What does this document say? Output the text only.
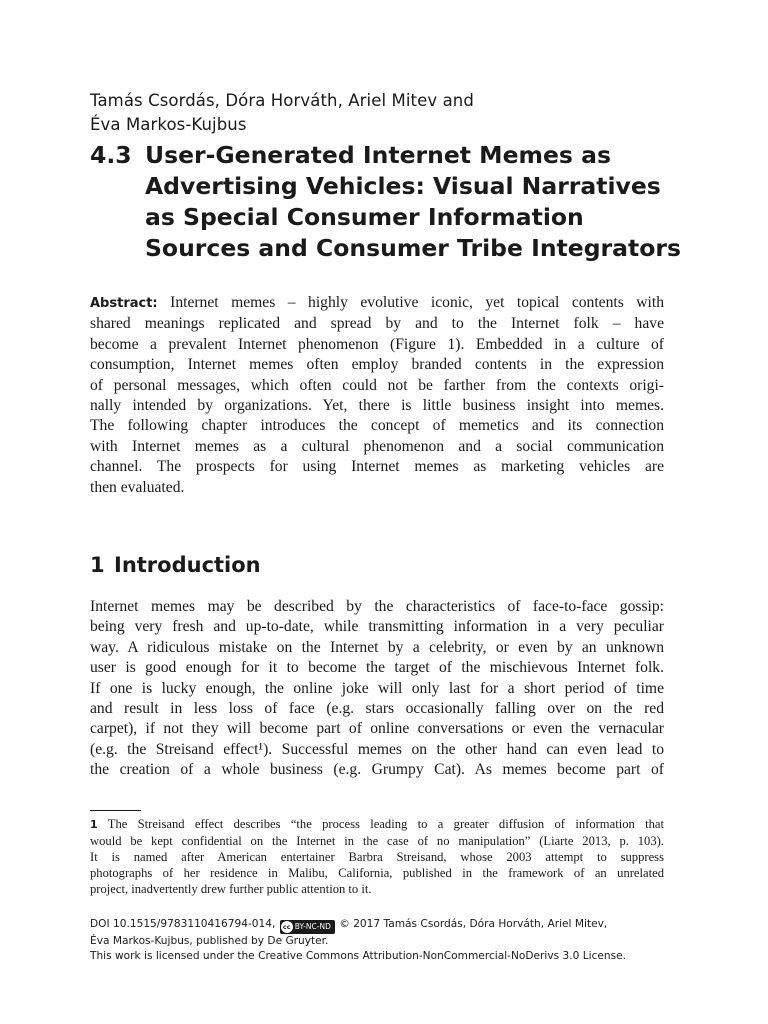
Tamás Csordás, Dóra Horváth, Ariel Mitev and
Éva Markos-Kujbus
4.3 User-Generated Internet Memes as
Advertising Vehicles: Visual Narratives
as Special Consumer Information
Sources and Consumer Tribe Integrators
Abstract: Internet memes – highly evolutive iconic, yet topical contents with
shared meanings replicated and spread by and to the Internet folk – have
become a prevalent Internet phenomenon (Figure 1). Embedded in a culture of
consumption, Internet memes often employ branded contents in the expression
of personal messages, which often could not be farther from the contexts origi-
nally intended by organizations. Yet, there is little business insight into memes.
The following chapter introduces the concept of memetics and its connection
with Internet memes as a cultural phenomenon and a social communication
channel. The prospects for using Internet memes as marketing vehicles are
then evaluated.
1 Introduction
Internet memes may be described by the characteristics of face-to-face gossip:
being very fresh and up-to-date, while transmitting information in a very peculiar
way. A ridiculous mistake on the Internet by a celebrity, or even by an unknown
user is good enough for it to become the target of the mischievous Internet folk.
If one is lucky enough, the online joke will only last for a short period of time
and result in less loss of face (e.g. stars occasionally falling over on the red
carpet), if not they will become part of online conversations or even the vernacular
(e.g. the Streisand effect¹). Successful memes on the other hand can even lead to
the creation of a whole business (e.g. Grumpy Cat). As memes become part of
1 The Streisand effect describes “the process leading to a greater diffusion of information that
would be kept confidential on the Internet in the case of no manipulation” (Liarte 2013, p. 103).
It is named after American entertainer Barbra Streisand, whose 2003 attempt to suppress
photographs of her residence in Malibu, California, published in the framework of an unrelated
project, inadvertently drew further public attention to it.
DOI 10.1515/9783110416794-014, cc BY-NC-ND © 2017 Tamás Csordás, Dóra Horváth, Ariel Mitev,
Éva Markos-Kujbus, published by De Gruyter.
This work is licensed under the Creative Commons Attribution-NonCommercial-NoDerivs 3.0 License.
